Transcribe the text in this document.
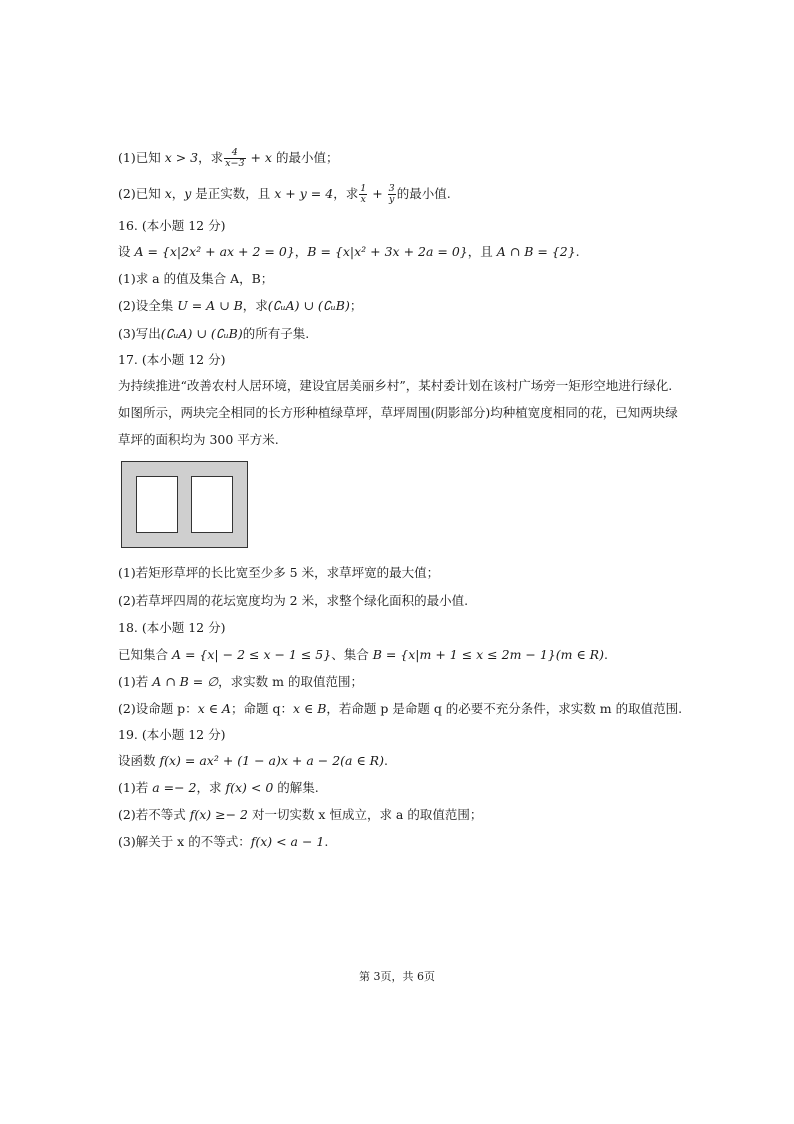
(1)已知 x > 3，求 $\frac{4}{x-3} + x$ 的最小值；
(2)已知 x，y 是正实数，且 x + y = 4，求 $\frac{1}{x} + \frac{3}{y}$ 的最小值.
16. (本小题 12 分)
设 A = {x|2x² + ax + 2 = 0}，B = {x|x² + 3x + 2a = 0}，且 A ∩ B = {2}.
(1)求 a 的值及集合 A，B；
(2)设全集 U = A ∪ B，求(∁ᵤA) ∪ (∁ᵤB)；
(3)写出(∁ᵤA) ∪ (∁ᵤB)的所有子集.
17. (本小题 12 分)
为持续推进“改善农村人居环境，建设宜居美丽乡村”，某村委计划在该村广场旁一矩形空地进行绿化. 如图所示，两块完全相同的长方形种植绿草坪，草坪周围(阴影部分)均种植宽度相同的花，已知两块绿草坪的面积均为 300 平方米.
(1)若矩形草坪的长比宽至少多 5 米，求草坪宽的最大值；
(2)若草坪四周的花坛宽度均为 2 米，求整个绿化面积的最小值.
18. (本小题 12 分)
已知集合 A = {x| − 2 ≤ x − 1 ≤ 5}、集合 B = {x|m + 1 ≤ x ≤ 2m − 1}(m ∈ R).
(1)若 A ∩ B = ∅，求实数 m 的取值范围；
(2)设命题 p：x ∈ A；命题 q：x ∈ B，若命题 p 是命题 q 的必要不充分条件，求实数 m 的取值范围.
19. (本小题 12 分)
设函数 f(x) = ax² + (1 − a)x + a − 2(a ∈ R).
(1)若 a =− 2，求 f(x) < 0 的解集.
(2)若不等式 f(x) ≥− 2 对一切实数 x 恒成立，求 a 的取值范围；
(3)解关于 x 的不等式：f(x) < a − 1.
第 3页，共 6页
